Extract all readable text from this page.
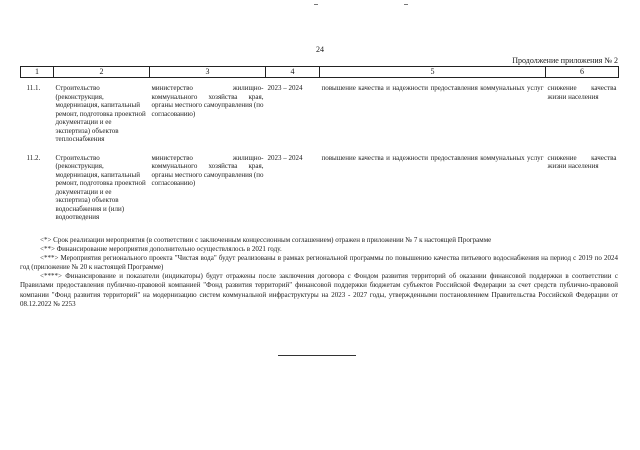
24
Продолжение приложения № 2
1	2	3	4	5	6
11.1.	Строительство (реконструкция, модернизация, капитальный ремонт, подготовка проектной документации и ее экспертиза) объектов теплоснабжения	министерство жилищно-коммунального хозяйства края, органы местного самоуправления (по согласованию)	2023 – 2024	повышение качества и надежности предоставления коммунальных услуг	снижение качества жизни населения
11.2.	Строительство (реконструкция, модернизация, капитальный ремонт, подготовка проектной документации и ее экспертиза) объектов водоснабжения и (или) водоотведения	министерство жилищно-коммунального хозяйства края, органы местного самоуправления (по согласованию)	2023 – 2024	повышение качества и надежности предоставления коммунальных услуг	снижение качества жизни населения

<*> Срок реализации мероприятия (в соответствии с заключенным концессионным соглашением) отражен в приложении № 7 к настоящей Программе

<**> Финансирование мероприятия дополнительно осуществлялось в 2021 году.

<***> Мероприятия регионального проекта "Чистая вода" будут реализованы в рамках региональной программы по повышению качества питьевого водоснабжения на период с 2019 по 2024 год (приложение № 20 к настоящей Программе)

<****> Финансирование и показатели (индикаторы) будут отражены после заключения договора с Фондом развития территорий об оказании финансовой поддержки в соответствии с Правилами предоставления публично-правовой компанией "Фонд развития территорий" финансовой поддержки бюджетам субъектов Российской Федерации за счет средств публично-правовой компании "Фонд развития территорий" на модернизацию систем коммунальной инфраструктуры на 2023 - 2027 годы, утвержденными постановлением Правительства Российской Федерации от 08.12.2022 № 2253
